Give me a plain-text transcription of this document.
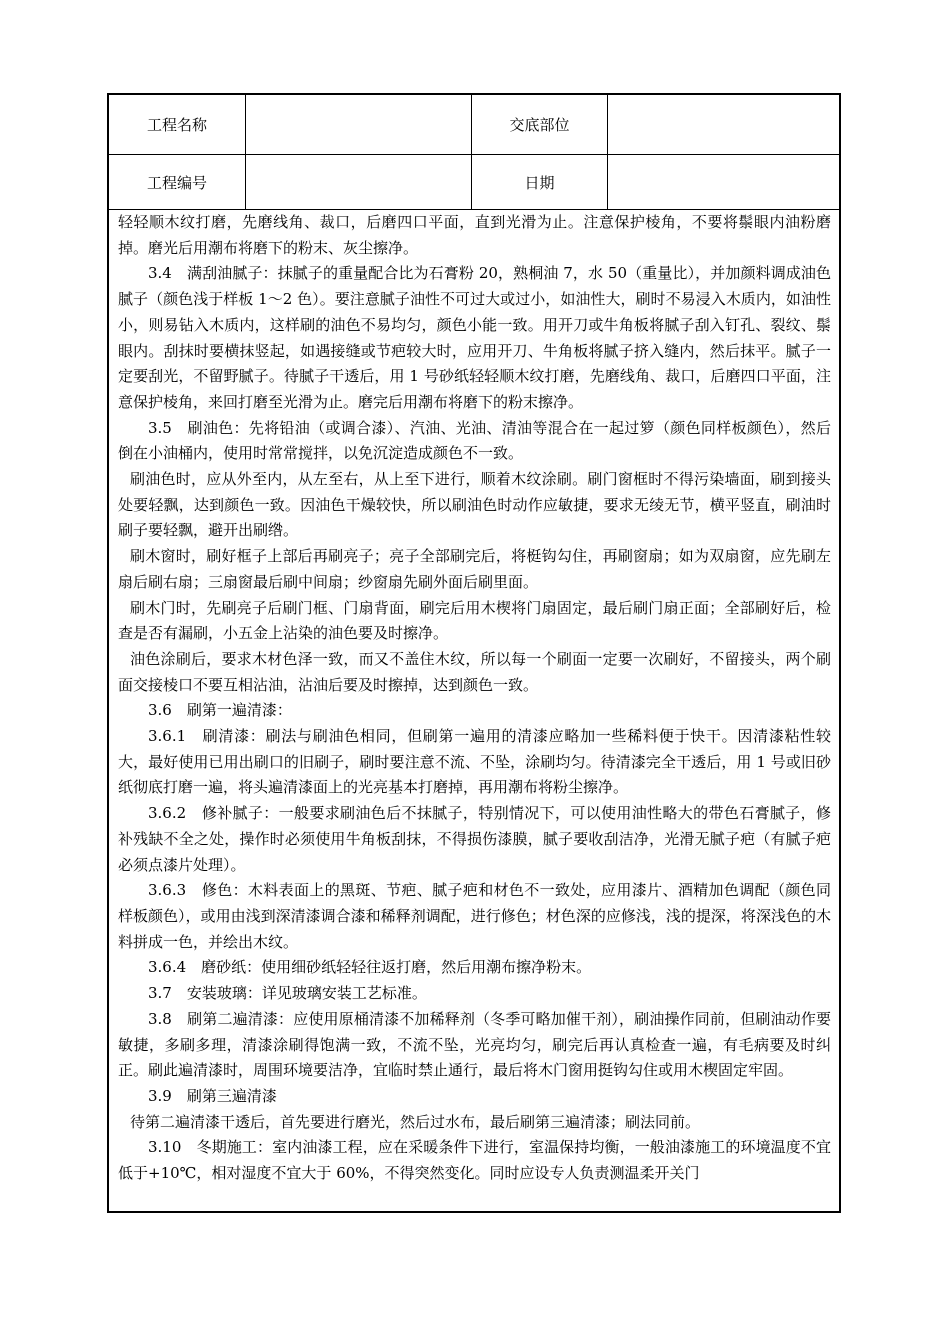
工程名称	交底部位
工程编号	日期

轻轻顺木纹打磨，先磨线角、裁口，后磨四口平面，直到光滑为止。注意保护棱角，不要将鬃眼内油粉磨掉。磨光后用潮布将磨下的粉末、灰尘擦净。

3.4　满刮油腻子：抹腻子的重量配合比为石膏粉 20，熟桐油 7，水 50（重量比），并加颜料调成油色腻子（颜色浅于样板 1～2 色）。要注意腻子油性不可过大或过小，如油性大，刷时不易浸入木质内，如油性小，则易钻入木质内，这样刷的油色不易均匀，颜色小能一致。用开刀或牛角板将腻子刮入钉孔、裂纹、鬃眼内。刮抹时要横抹竖起，如遇接缝或节疤较大时，应用开刀、牛角板将腻子挤入缝内，然后抹平。腻子一定要刮光，不留野腻子。待腻子干透后，用 1 号砂纸轻轻顺木纹打磨，先磨线角、裁口，后磨四口平面，注意保护棱角，来回打磨至光滑为止。磨完后用潮布将磨下的粉末擦净。

3.5　刷油色：先将铅油（或调合漆）、汽油、光油、清油等混合在一起过箩（颜色同样板颜色），然后倒在小油桶内，使用时常常搅拌，以免沉淀造成颜色不一致。

刷油色时，应从外至内，从左至右，从上至下进行，顺着木纹涂刷。刷门窗框时不得污染墙面，刷到接头处要轻飘，达到颜色一致。因油色干燥较快，所以刷油色时动作应敏捷，要求无绫无节，横平竖直，刷油时刷子要轻飘，避开出刷绺。

刷木窗时，刷好框子上部后再刷亮子；亮子全部刷完后，将梃钩勾住，再刷窗扇；如为双扇窗，应先刷左扇后刷右扇；三扇窗最后刷中间扇；纱窗扇先刷外面后刷里面。

刷木门时，先刷亮子后刷门框、门扇背面，刷完后用木楔将门扇固定，最后刷门扇正面；全部刷好后，检查是否有漏刷，小五金上沾染的油色要及时擦净。

油色涂刷后，要求木材色泽一致，而又不盖住木纹，所以每一个刷面一定要一次刷好，不留接头，两个刷面交接棱口不要互相沾油，沾油后要及时擦掉，达到颜色一致。

3.6　刷第一遍清漆：

3.6.1　刷清漆：刷法与刷油色相同，但刷第一遍用的清漆应略加一些稀料便于快干。因清漆粘性较大，最好使用已用出刷口的旧刷子，刷时要注意不流、不坠，涂刷均匀。待清漆完全干透后，用 1 号或旧砂纸彻底打磨一遍，将头遍清漆面上的光亮基本打磨掉，再用潮布将粉尘擦净。

3.6.2　修补腻子：一般要求刷油色后不抹腻子，特别情况下，可以使用油性略大的带色石膏腻子，修补残缺不全之处，操作时必须使用牛角板刮抹，不得损伤漆膜，腻子要收刮洁净，光滑无腻子疤（有腻子疤必须点漆片处理）。

3.6.3　修色：木料表面上的黑斑、节疤、腻子疤和材色不一致处，应用漆片、酒精加色调配（颜色同样板颜色），或用由浅到深清漆调合漆和稀释剂调配，进行修色；材色深的应修浅，浅的提深，将深浅色的木料拼成一色，并绘出木纹。

3.6.4　磨砂纸：使用细砂纸轻轻往返打磨，然后用潮布擦净粉末。

3.7　安装玻璃：详见玻璃安装工艺标准。

3.8　刷第二遍清漆：应使用原桶清漆不加稀释剂（冬季可略加催干剂），刷油操作同前，但刷油动作要敏捷，多刷多理，清漆涂刷得饱满一致，不流不坠，光亮均匀，刷完后再认真检查一遍，有毛病要及时纠正。刷此遍清漆时，周围环境要洁净，宜临时禁止通行，最后将木门窗用挺钩勾住或用木楔固定牢固。

3.9　刷第三遍清漆

待第二遍清漆干透后，首先要进行磨光，然后过水布，最后刷第三遍清漆；刷法同前。

3.10　冬期施工：室内油漆工程，应在采暖条件下进行，室温保持均衡，一般油漆施工的环境温度不宜低于+10℃，相对湿度不宜大于 60%，不得突然变化。同时应设专人负责测温柔开关门
